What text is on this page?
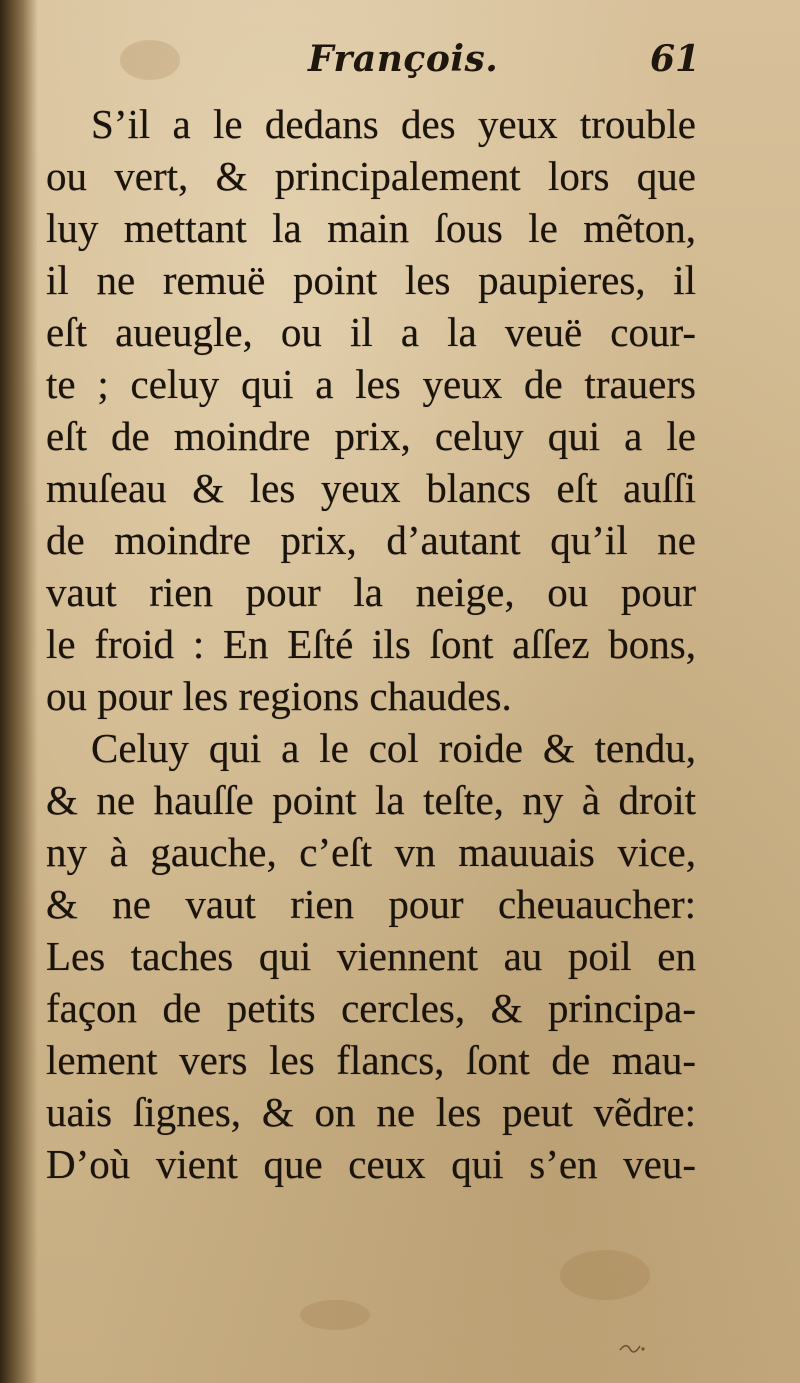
François.	61
S’il a le dedans des yeux trouble
ou vert, & principalement lors que
luy mettant la main ſous le mẽton,
il ne remuë point les paupieres, il
eſt aueugle, ou il a la veuë cour-
te ; celuy qui a les yeux de trauers
eſt de moindre prix, celuy qui a le
muſeau & les yeux blancs eſt auſſi
de moindre prix, d’autant qu’il ne
vaut rien pour la neige, ou pour
le froid : En Eſté ils ſont aſſez bons,
ou pour les regions chaudes.
Celuy qui a le col roide & tendu,
& ne hauſſe point la teſte, ny à droit
ny à gauche, c’eſt vn mauuais vice,
& ne vaut rien pour cheuaucher:
Les taches qui viennent au poil en
façon de petits cercles, & principa-
lement vers les flancs, ſont de mau-
uais ſignes, & on ne les peut vẽdre:
D’où vient que ceux qui s’en veu-
